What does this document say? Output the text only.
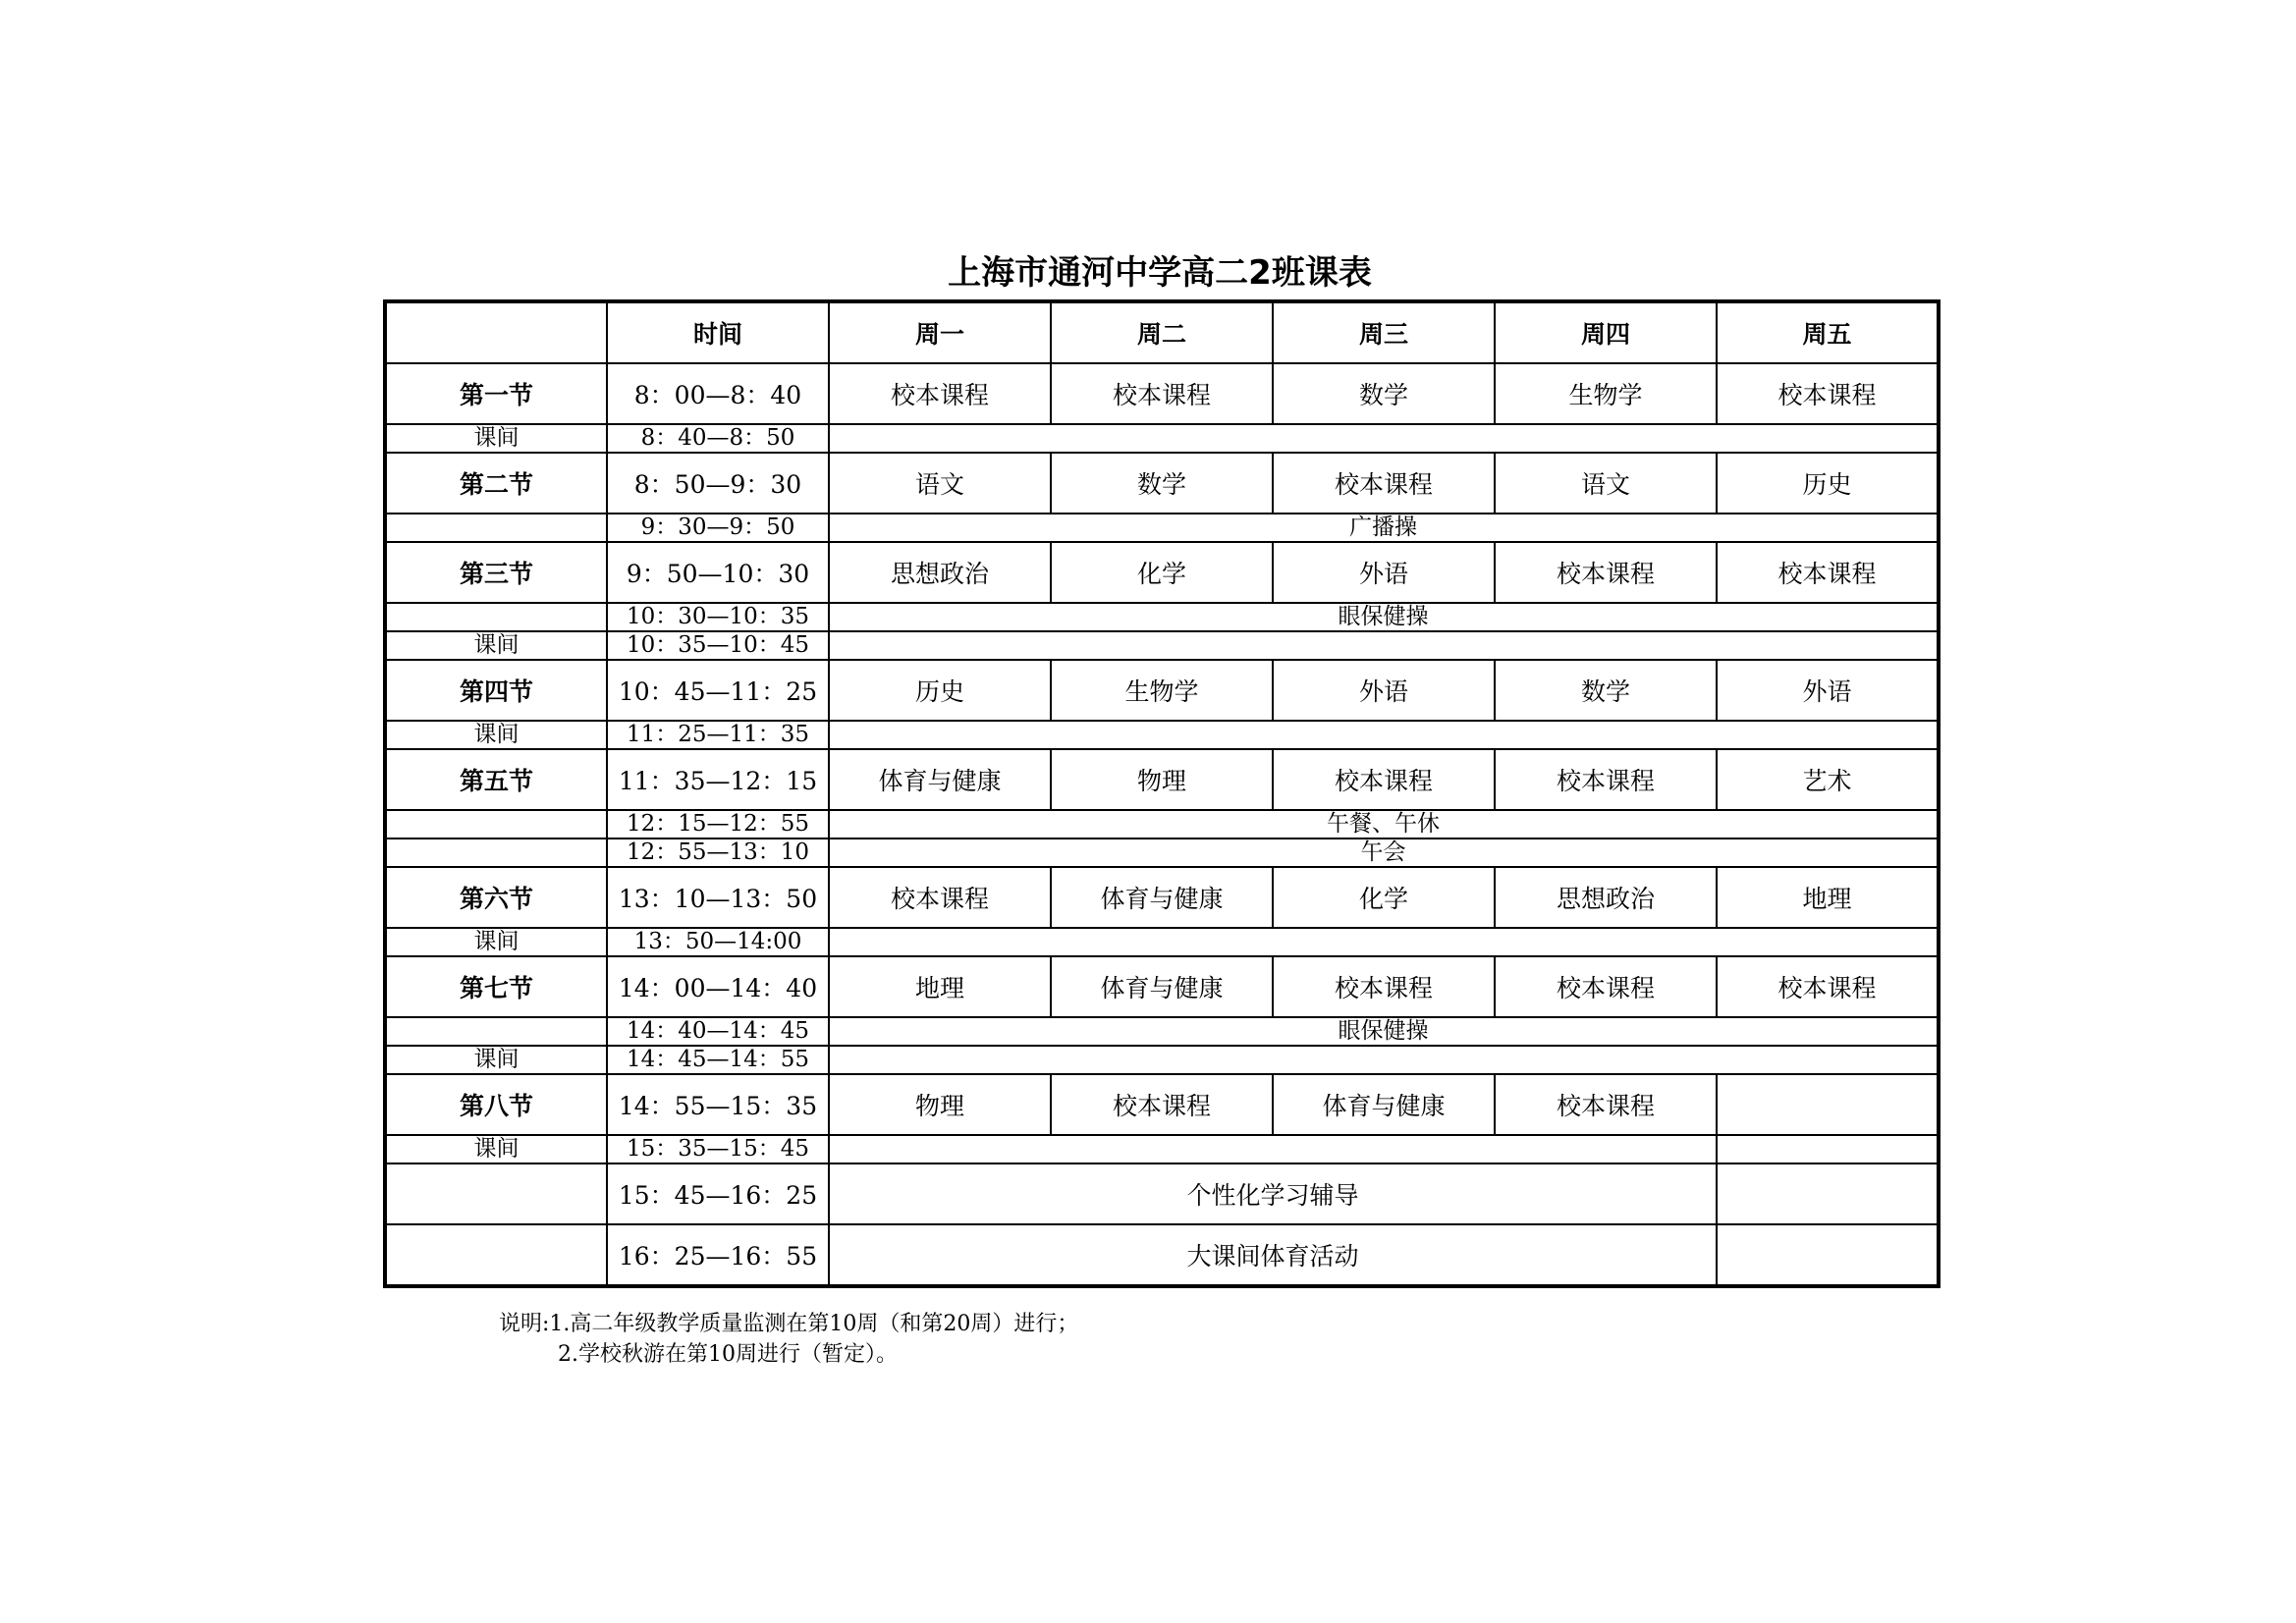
上海市通河中学高二2班课表
	时间	周一	周二	周三	周四	周五
第一节	8：00—8：40	校本课程	校本课程	数学	生物学	校本课程
课间	8：40—8：50					
第二节	8：50—9：30	语文	数学	校本课程	语文	历史
	9：30—9：50	广播操				
第三节	9：50—10：30	思想政治	化学	外语	校本课程	校本课程
	10：30—10：35	眼保健操				
课间	10：35—10：45					
第四节	10：45—11：25	历史	生物学	外语	数学	外语
课间	11：25—11：35					
第五节	11：35—12：15	体育与健康	物理	校本课程	校本课程	艺术
	12：15—12：55	午餐、午休				
	12：55—13：10	午会				
第六节	13：10—13：50	校本课程	体育与健康	化学	思想政治	地理
课间	13：50—14:00					
第七节	14：00—14：40	地理	体育与健康	校本课程	校本课程	校本课程
	14：40—14：45	眼保健操				
课间	14：45—14：55					
第八节	14：55—15：35	物理	校本课程	体育与健康	校本课程	
课间	15：35—15：45					
	15：45—16：25	个性化学习辅导				
	16：25—16：55	大课间体育活动				
说明:1.高二年级教学质量监测在第10周（和第20周）进行；
2.学校秋游在第10周进行（暂定）。
